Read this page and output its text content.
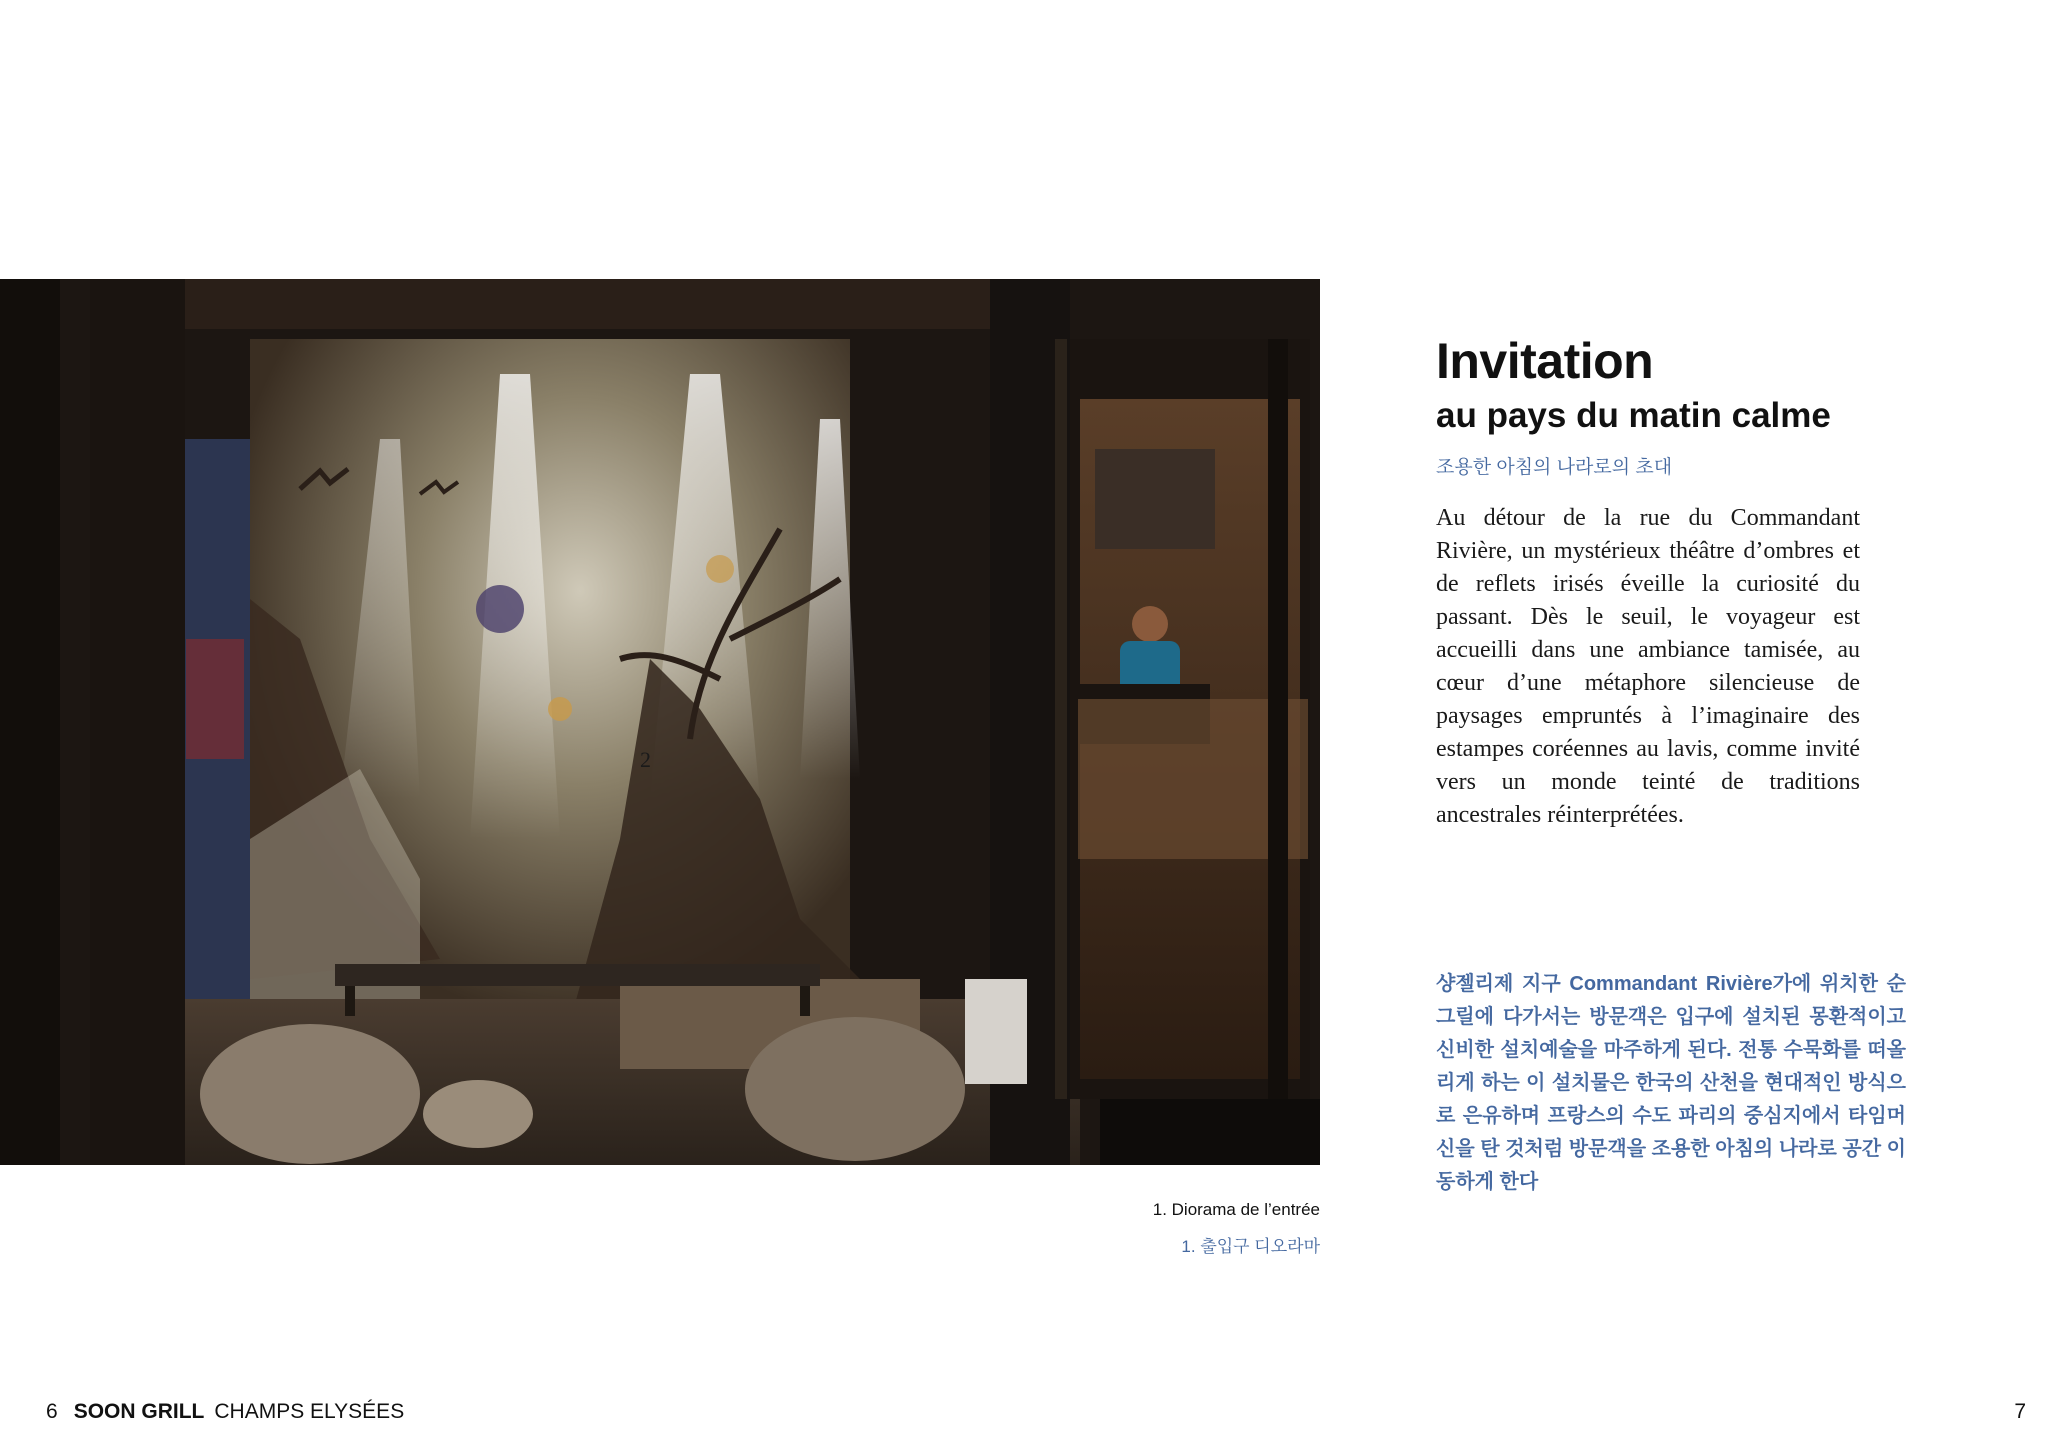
2
1. Diorama de l’entrée
1. 출입구 디오라마
Invitation
au pays du matin calme
조용한 아침의 나라로의 초대
Au détour de la rue du Commandant Rivière, un mystérieux théâtre d’ombres et de reflets irisés éveille la curiosité du passant. Dès le seuil, le voyageur est accueilli dans une ambiance tamisée, au cœur d’une métaphore silencieuse de paysages empruntés à l’imaginaire des estampes coréennes au lavis, comme invité vers un monde teinté de traditions ancestrales réinterprétées.
샹젤리제 지구 Commandant Rivière가에 위치한 순그릴에 다가서는 방문객은 입구에 설치된 몽환적이고 신비한 설치예술을 마주하게 된다. 전통 수묵화를 떠올리게 하는 이 설치물은 한국의 산천을 현대적인 방식으로 은유하며 프랑스의 수도 파리의 중심지에서 타임머신을 탄 것처럼 방문객을 조용한 아침의 나라로 공간 이동하게 한다
6 SOON GRILL CHAMPS ELYSÉES	7
